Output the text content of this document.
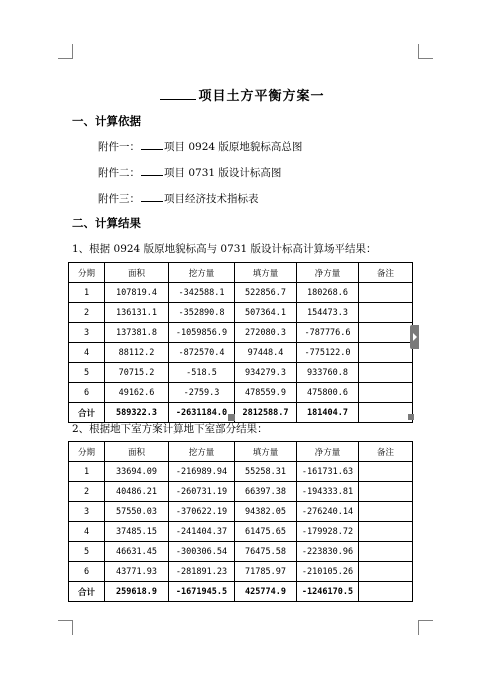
项目土方平衡方案一
一、计算依据
附件一： 项目 0924 版原地貌标高总图
附件二： 项目 0731 版设计标高图
附件三： 项目经济技术指标表
二、计算结果
1、根据 0924 版原地貌标高与 0731 版设计标高计算场平结果：
分期	面积	挖方量	填方量	净方量	备注
1	107819.4	-342588.1	522856.7	180268.6	
2	136131.1	-352890.8	507364.1	154473.3	
3	137381.8	-1059856.9	272080.3	-787776.6	
4	88112.2	-872570.4	97448.4	-775122.0	
5	70715.2	-518.5	934279.3	933760.8	
6	49162.6	-2759.3	478559.9	475800.6	
合计	589322.3	-2631184.0	2812588.7	181404.7	
2、根据地下室方案计算地下室部分结果：
分期	面积	挖方量	填方量	净方量	备注
1	33694.09	-216989.94	55258.31	-161731.63	
2	40486.21	-260731.19	66397.38	-194333.81	
3	57550.03	-370622.19	94382.05	-276240.14	
4	37485.15	-241404.37	61475.65	-179928.72	
5	46631.45	-300306.54	76475.58	-223830.96	
6	43771.93	-281891.23	71785.97	-210105.26	
合计	259618.9	-1671945.5	425774.9	-1246170.5	
